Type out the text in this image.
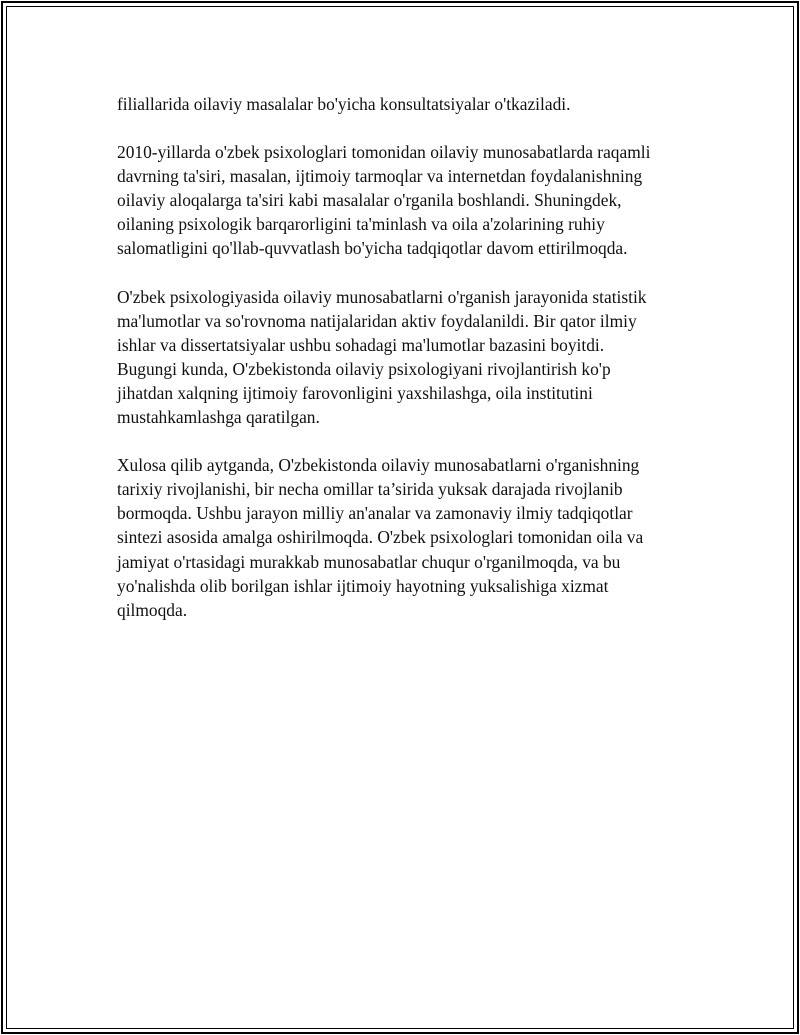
filiallarida oilaviy masalalar bo'yicha konsultatsiyalar o'tkaziladi.

2010-yillarda o'zbek psixologlari tomonidan oilaviy munosabatlarda raqamli
davrning ta'siri, masalan, ijtimoiy tarmoqlar va internetdan foydalanishning
oilaviy aloqalarga ta'siri kabi masalalar o'rganila boshlandi. Shuningdek,
oilaning psixologik barqarorligini ta'minlash va oila a'zolarining ruhiy
salomatligini qo'llab-quvvatlash bo'yicha tadqiqotlar davom ettirilmoqda.

O'zbek psixologiyasida oilaviy munosabatlarni o'rganish jarayonida statistik
ma'lumotlar va so'rovnoma natijalaridan aktiv foydalanildi. Bir qator ilmiy
ishlar va dissertatsiyalar ushbu sohadagi ma'lumotlar bazasini boyitdi.
Bugungi kunda, O'zbekistonda oilaviy psixologiyani rivojlantirish ko'p
jihatdan xalqning ijtimoiy farovonligini yaxshilashga, oila institutini
mustahkamlashga qaratilgan.

Xulosa qilib aytganda, O'zbekistonda oilaviy munosabatlarni o'rganishning
tarixiy rivojlanishi, bir necha omillar ta’sirida yuksak darajada rivojlanib
bormoqda. Ushbu jarayon milliy an'analar va zamonaviy ilmiy tadqiqotlar
sintezi asosida amalga oshirilmoqda. O'zbek psixologlari tomonidan oila va
jamiyat o'rtasidagi murakkab munosabatlar chuqur o'rganilmoqda, va bu
yo'nalishda olib borilgan ishlar ijtimoiy hayotning yuksalishiga xizmat
qilmoqda.
